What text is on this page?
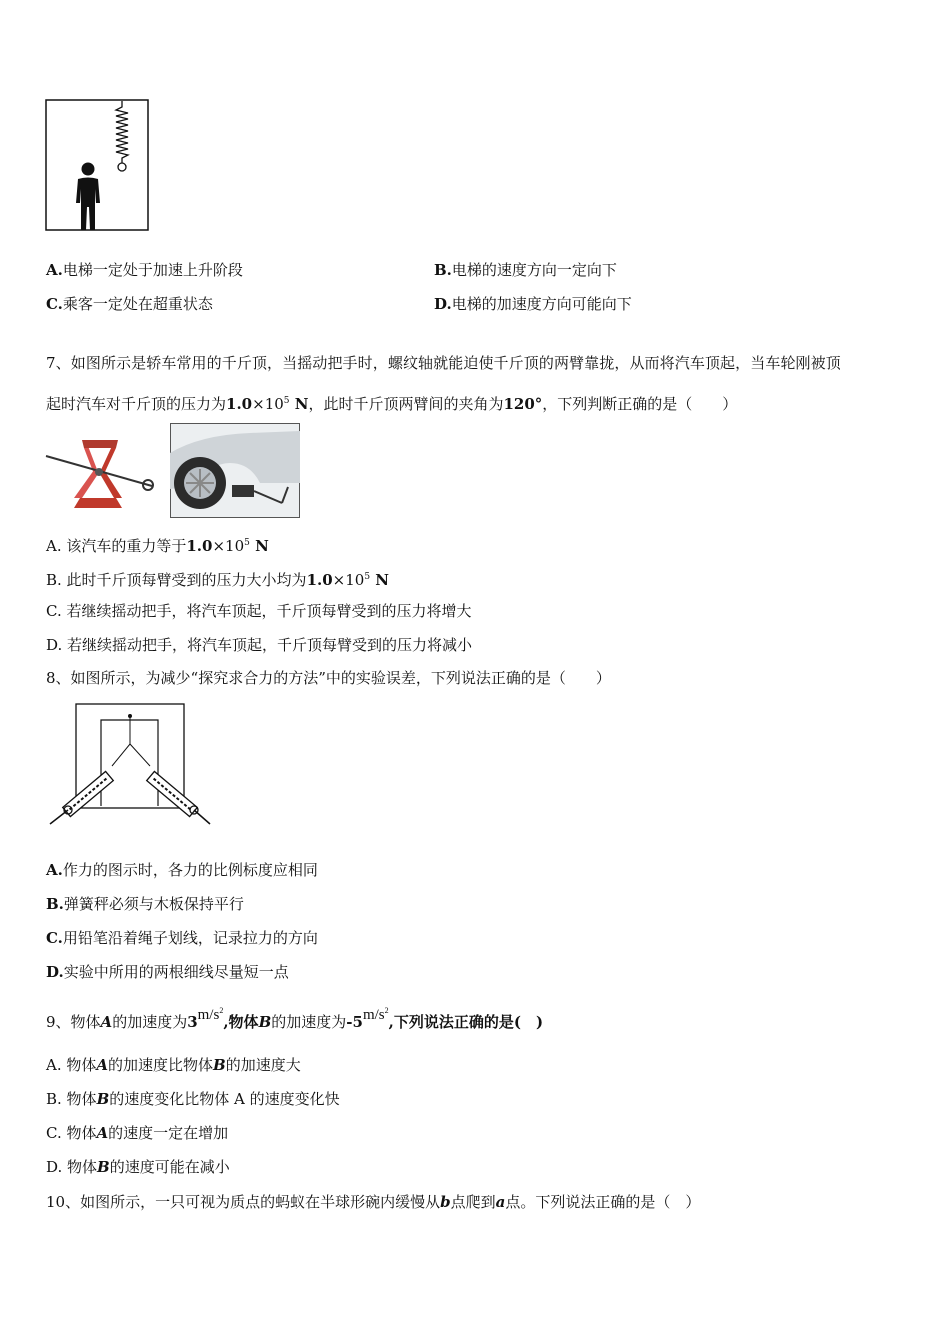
A.电梯一定处于加速上升阶段	B.电梯的速度方向一定向下
C.乘客一定处在超重状态	D.电梯的加速度方向可能向下
7、如图所示是轿车常用的千斤顶，当摇动把手时，螺纹轴就能迫使千斤顶的两臂靠拢，从而将汽车顶起，当车轮刚被顶
起时汽车对千斤顶的压力为$1.0\times 10^5$ N，此时千斤顶两臂间的夹角为120°，下列判断正确的是（　　）
A. 该汽车的重力等于$1.0\times 10^5$ N
B. 此时千斤顶每臂受到的压力大小均为$1.0\times 10^5$ N
C. 若继续摇动把手，将汽车顶起，千斤顶每臂受到的压力将增大
D. 若继续摇动把手，将汽车顶起，千斤顶每臂受到的压力将减小
8、如图所示，为减少“探究求合力的方法”中的实验误差，下列说法正确的是（　　）
A.作力的图示时，各力的比例标度应相同
B.弹簧秤必须与木板保持平行
C.用铅笔沿着绳子划线，记录拉力的方向
D.实验中所用的两根细线尽量短一点
9、物体A的加速度为$3m/s^2$,物体B的加速度为$-5m/s^2$,下列说法正确的是(　)
A. 物体A的加速度比物体B的加速度大
B. 物体B的速度变化比物体 A 的速度变化快
C. 物体A的速度一定在增加
D. 物体B的速度可能在减小
10、如图所示，一只可视为质点的蚂蚁在半球形碗内缓慢从b点爬到a点。下列说法正确的是（　）
